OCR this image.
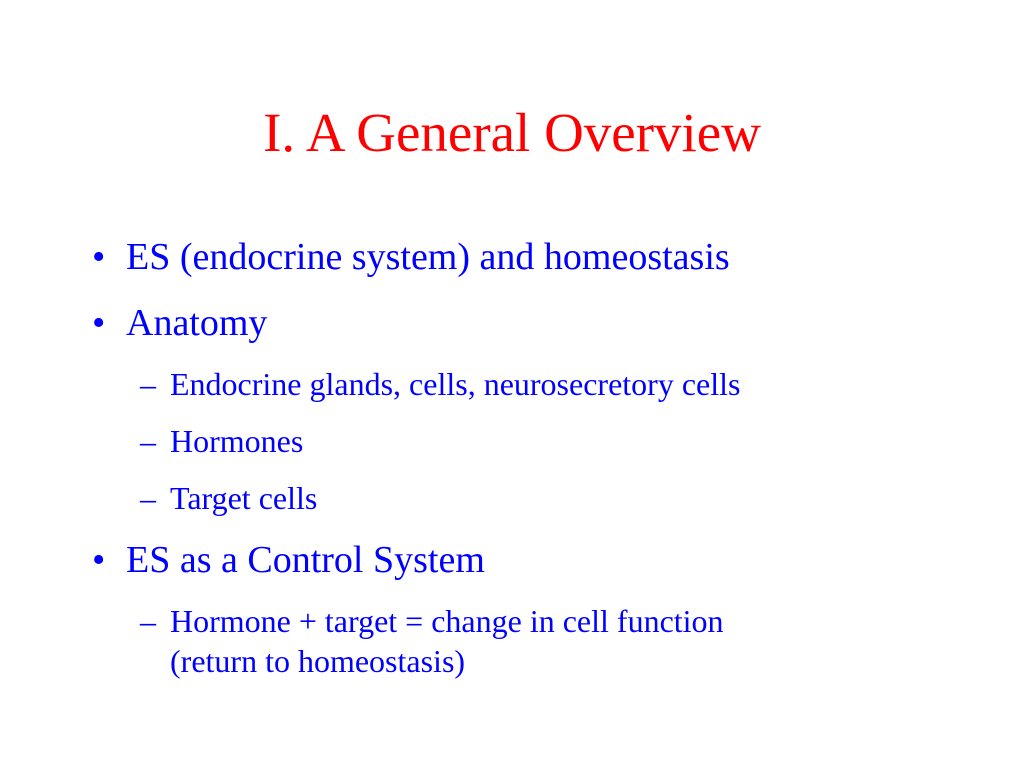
I. A General Overview
• ES (endocrine system) and homeostasis
• Anatomy
– Endocrine glands, cells, neurosecretory cells
– Hormones
– Target cells
• ES as a Control System
– Hormone + target = change in cell function
(return to homeostasis)
